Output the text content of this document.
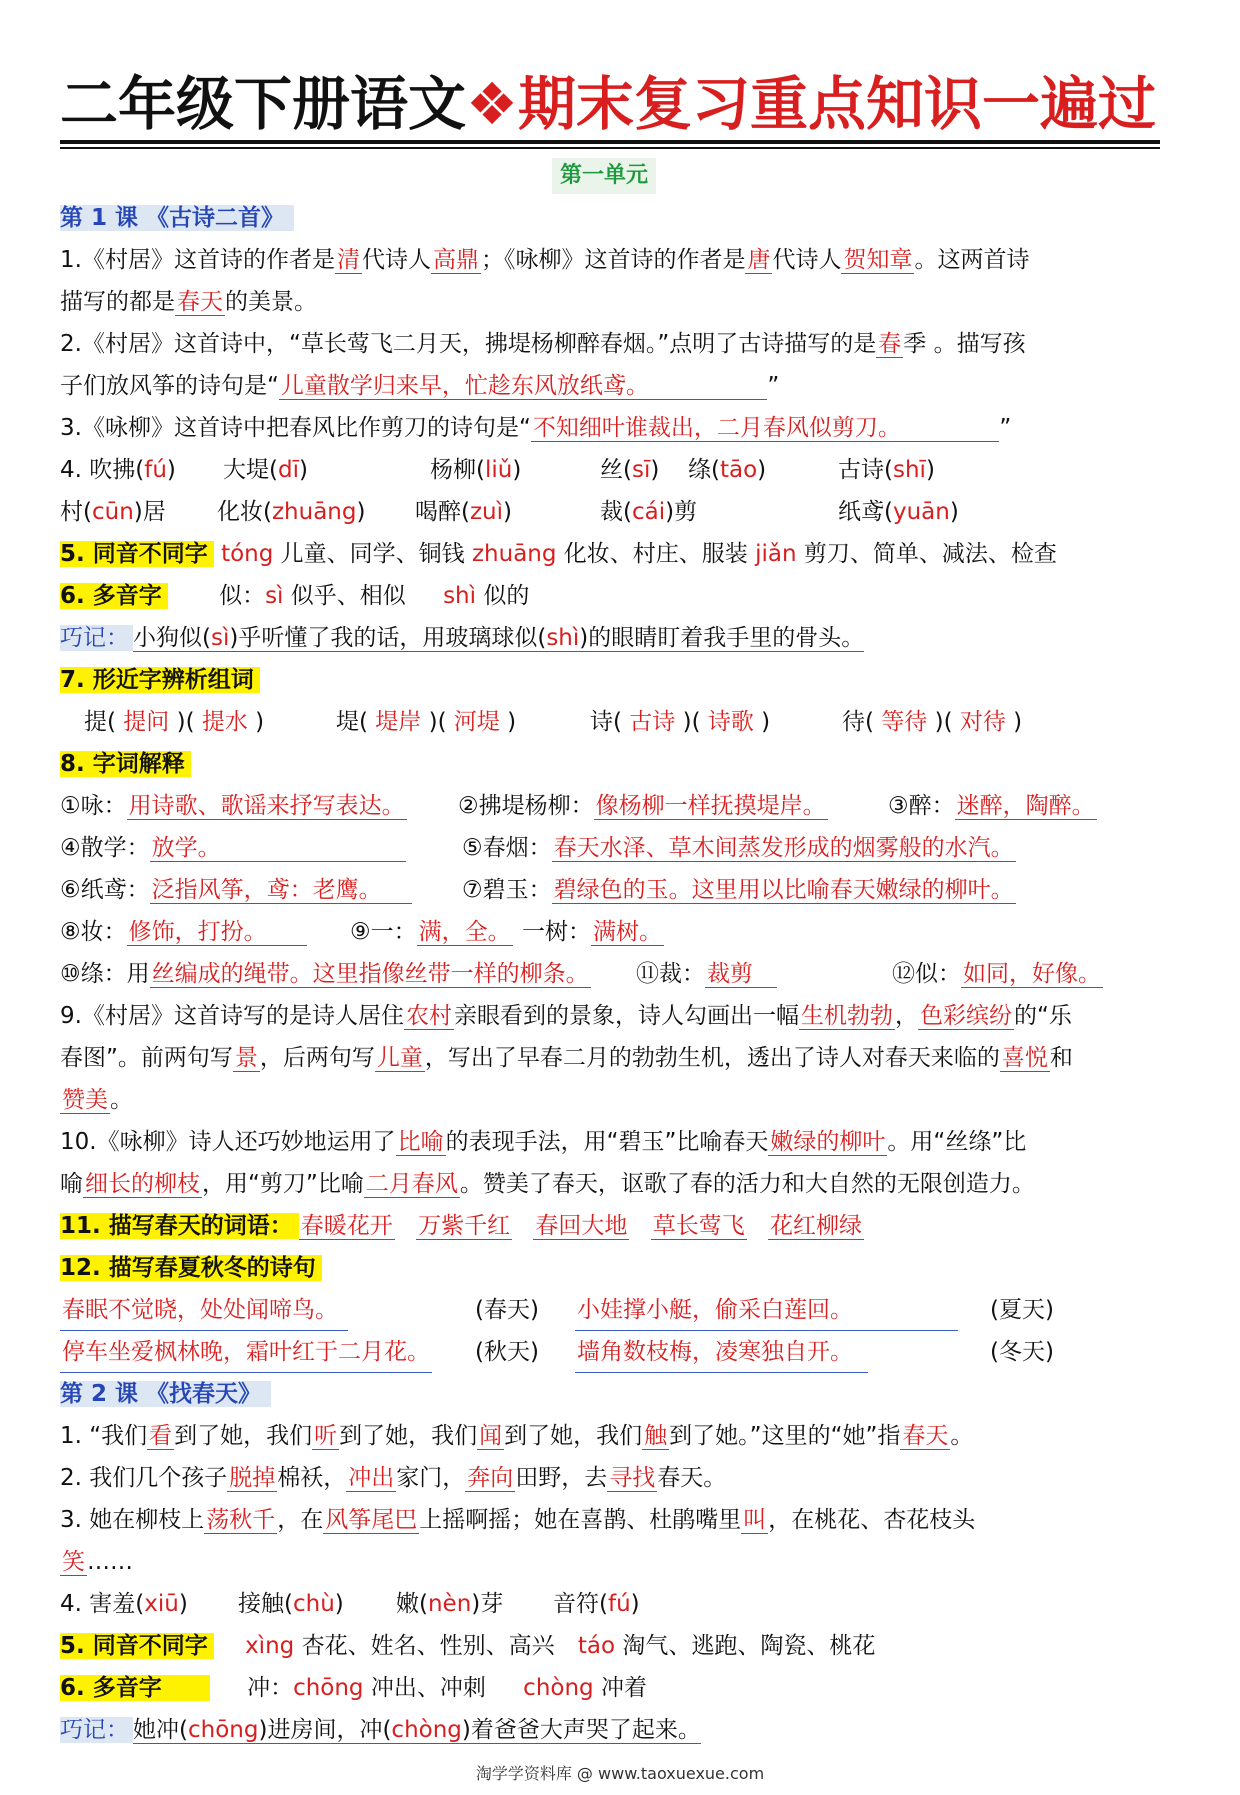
二年级下册语文❖期末复习重点知识一遍过
第一单元
第 1 课 《古诗二首》
1.《村居》这首诗的作者是清代诗人高鼎；《咏柳》这首诗的作者是唐代诗人贺知章。这两首诗
描写的都是春天的美景。
2.《村居》这首诗中，“草长莺飞二月天，拂堤杨柳醉春烟。”点明了古诗描写的是春季 。描写孩
子们放风筝的诗句是“儿童散学归来早，忙趁东风放纸鸢。	”
3.《咏柳》这首诗中把春风比作剪刀的诗句是“不知细叶谁裁出，二月春风似剪刀。	”
4. 吹拂(fú) 大堤(dī)	杨柳(liǔ)	丝(sī) 绦(tāo)	古诗(shī)
村(cūn)居 化妆(zhuāng) 喝醉(zuì)	裁(cái)剪	纸鸢(yuān)
5. 同音不同字 tóng 儿童、同学、铜钱 zhuāng 化妆、村庄、服装 jiǎn 剪刀、简单、减法、检查
6. 多音字 似：sì 似乎、相似 shì 似的
巧记： 小狗似(sì)乎听懂了我的话，用玻璃球似(shì)的眼睛盯着我手里的骨头。
7. 形近字辨析组词
提( 提问 )( 提水 )	堤( 堤岸 )( 河堤 )	诗( 古诗 )( 诗歌 )	待( 等待 )( 对待 )
8. 字词解释
①咏：用诗歌、歌谣来抒写表达。 ②拂堤杨柳：像杨柳一样抚摸堤岸。	③醉：迷醉，陶醉。
④散学：放学。	⑤春烟：春天水泽、草木间蒸发形成的烟雾般的水汽。
⑥纸鸢：泛指风筝，鸢：老鹰。	⑦碧玉：碧绿色的玉。这里用以比喻春天嫩绿的柳叶。
⑧妆：修饰，打扮。	⑨一：满，全。 一树：满树。
⑩绦：用丝编成的绳带。这里指像丝带一样的柳条。 ⑪裁：裁剪	⑫似：如同，好像。
9.《村居》这首诗写的是诗人居住农村亲眼看到的景象，诗人勾画出一幅生机勃勃，色彩缤纷的“乐
春图”。前两句写景，后两句写儿童，写出了早春二月的勃勃生机，透出了诗人对春天来临的喜悦和
赞美。
10.《咏柳》诗人还巧妙地运用了比喻的表现手法，用“碧玉”比喻春天嫩绿的柳叶。用“丝绦”比
喻细长的柳枝，用“剪刀”比喻二月春风。赞美了春天，讴歌了春的活力和大自然的无限创造力。
11. 描写春天的词语： 春暖花开 万紫千红 春回大地 草长莺飞 花红柳绿
12. 描写春夏秋冬的诗句
春眠不觉晓，处处闻啼鸟。	(春天) 小娃撑小艇，偷采白莲回。	(夏天)
停车坐爱枫林晚，霜叶红于二月花。 (秋天) 墙角数枝梅，凌寒独自开。	(冬天)
第 2 课 《找春天》
1. “我们看到了她，我们听到了她，我们闻到了她，我们触到了她。”这里的“她”指春天。
2. 我们几个孩子脱掉棉袄，冲出家门，奔向田野，去寻找春天。
3. 她在柳枝上荡秋千，在风筝尾巴上摇啊摇；她在喜鹊、杜鹃嘴里叫，在桃花、杏花枝头
笑……
4. 害羞(xiū) 接触(chù) 嫩(nèn)芽 音符(fú)
5. 同音不同字 xìng 杏花、姓名、性别、高兴 táo 淘气、逃跑、陶瓷、桃花
6. 多音字	冲：chōng 冲出、冲刺 chòng 冲着
巧记： 她冲(chōng)进房间，冲(chòng)着爸爸大声哭了起来。
淘学学资料库 @ www.taoxuexue.com
